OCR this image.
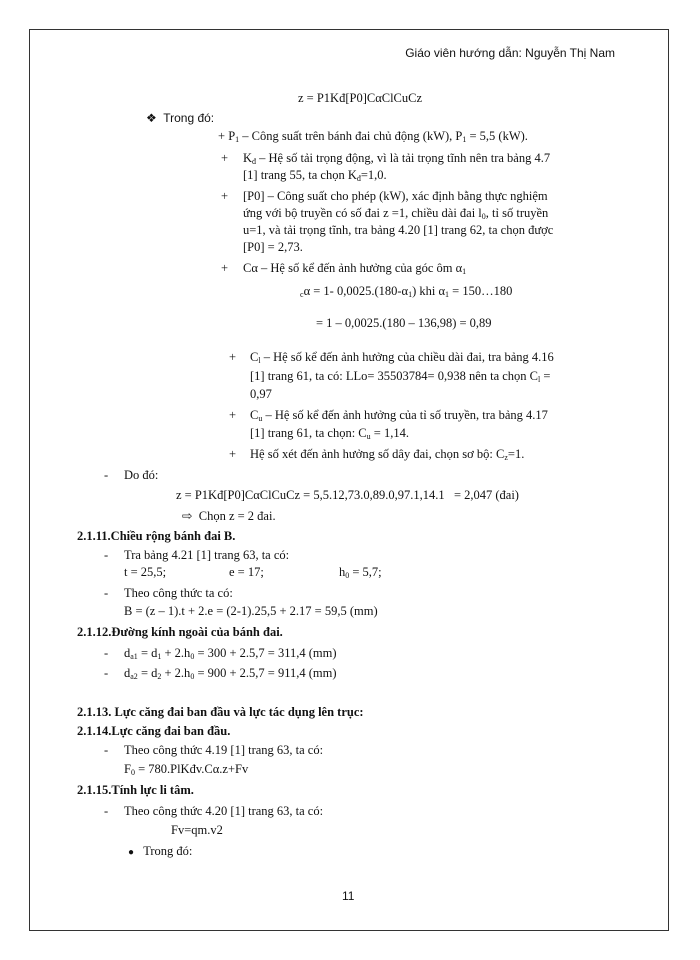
Giáo viên hướng dẫn: Nguyễn Thị Nam
z = P1Kđ[P0]CαClCuCz
❖ Trong đó:
+ $P_1$ – Công suất trên bánh đai chủ động (kW), $P_1 = 5,5$ (kW).
+ $K_đ$ – Hệ số tải trọng động, vì là tải trọng tĩnh nên tra bảng 4.7
[1] trang 55, ta chọn $K_đ=1,0$.
+ [P0] – Công suất cho phép (kW), xác định bằng thực nghiệm
ứng với bộ truyền có số đai z =1, chiều dài đai $l_0$, tỉ số truyền
u=1, và tải trọng tĩnh, tra bảng 4.20 [1] trang 62, ta chọn được
[P0] = 2,73.
+ Cα – Hệ số kể đến ảnh hưởng của góc ôm $\alpha_1$
$_c$α = 1- $0,0025.(180-\alpha_1)$ khi $\alpha_1$ = 150…180
= 1 – 0,0025.(180 – 136,98) = 0,89
+ $C_l$ – Hệ số kể đến ảnh hưởng của chiều dài đai, tra bảng 4.16
[1] trang 61, ta có: LLo= 35503784= 0,938 nên ta chọn $C_l$ =
0,97
+ $C_u$ – Hệ số kể đến ảnh hưởng của tỉ số truyền, tra bảng 4.17
[1] trang 61, ta chọn: $C_u = 1,14$.
+ Hệ số xét đến ảnh hưởng số dây đai, chọn sơ bộ: $C_z=1$.
- Do đó:
z = P1Kđ[P0]CαClCuCz = 5,5.12,73.0,89.0,97.1,14.1 = 2,047 (đai)
⇨ Chọn z = 2 đai.
2.1.11.Chiều rộng bánh đai B.
- Tra bảng 4.21 [1] trang 63, ta có:
t = 25,5;	e = 17;	$h_0 = 5,7$;
- Theo công thức ta có:
B = (z – 1).t + 2.e = (2-1).25,5 + 2.17 = 59,5 (mm)
2.1.12.Đường kính ngoài của bánh đai.
- $d_{a1} = d_1 + 2.h_0 = 300 + 2.5,7 = 311,4$ (mm)
- $d_{a2} = d_2 + 2.h_0 = 900 + 2.5,7 = 911,4$ (mm)
2.1.13. Lực căng đai ban đầu và lực tác dụng lên trục:
2.1.14.Lực căng đai ban đầu.
- Theo công thức 4.19 [1] trang 63, ta có:
$F_0$ = 780.PlKđv.Cα.z+Fv
2.1.15.Tính lực li tâm.
- Theo công thức 4.20 [1] trang 63, ta có:
Fv=qm.v2
● Trong đó:
11
